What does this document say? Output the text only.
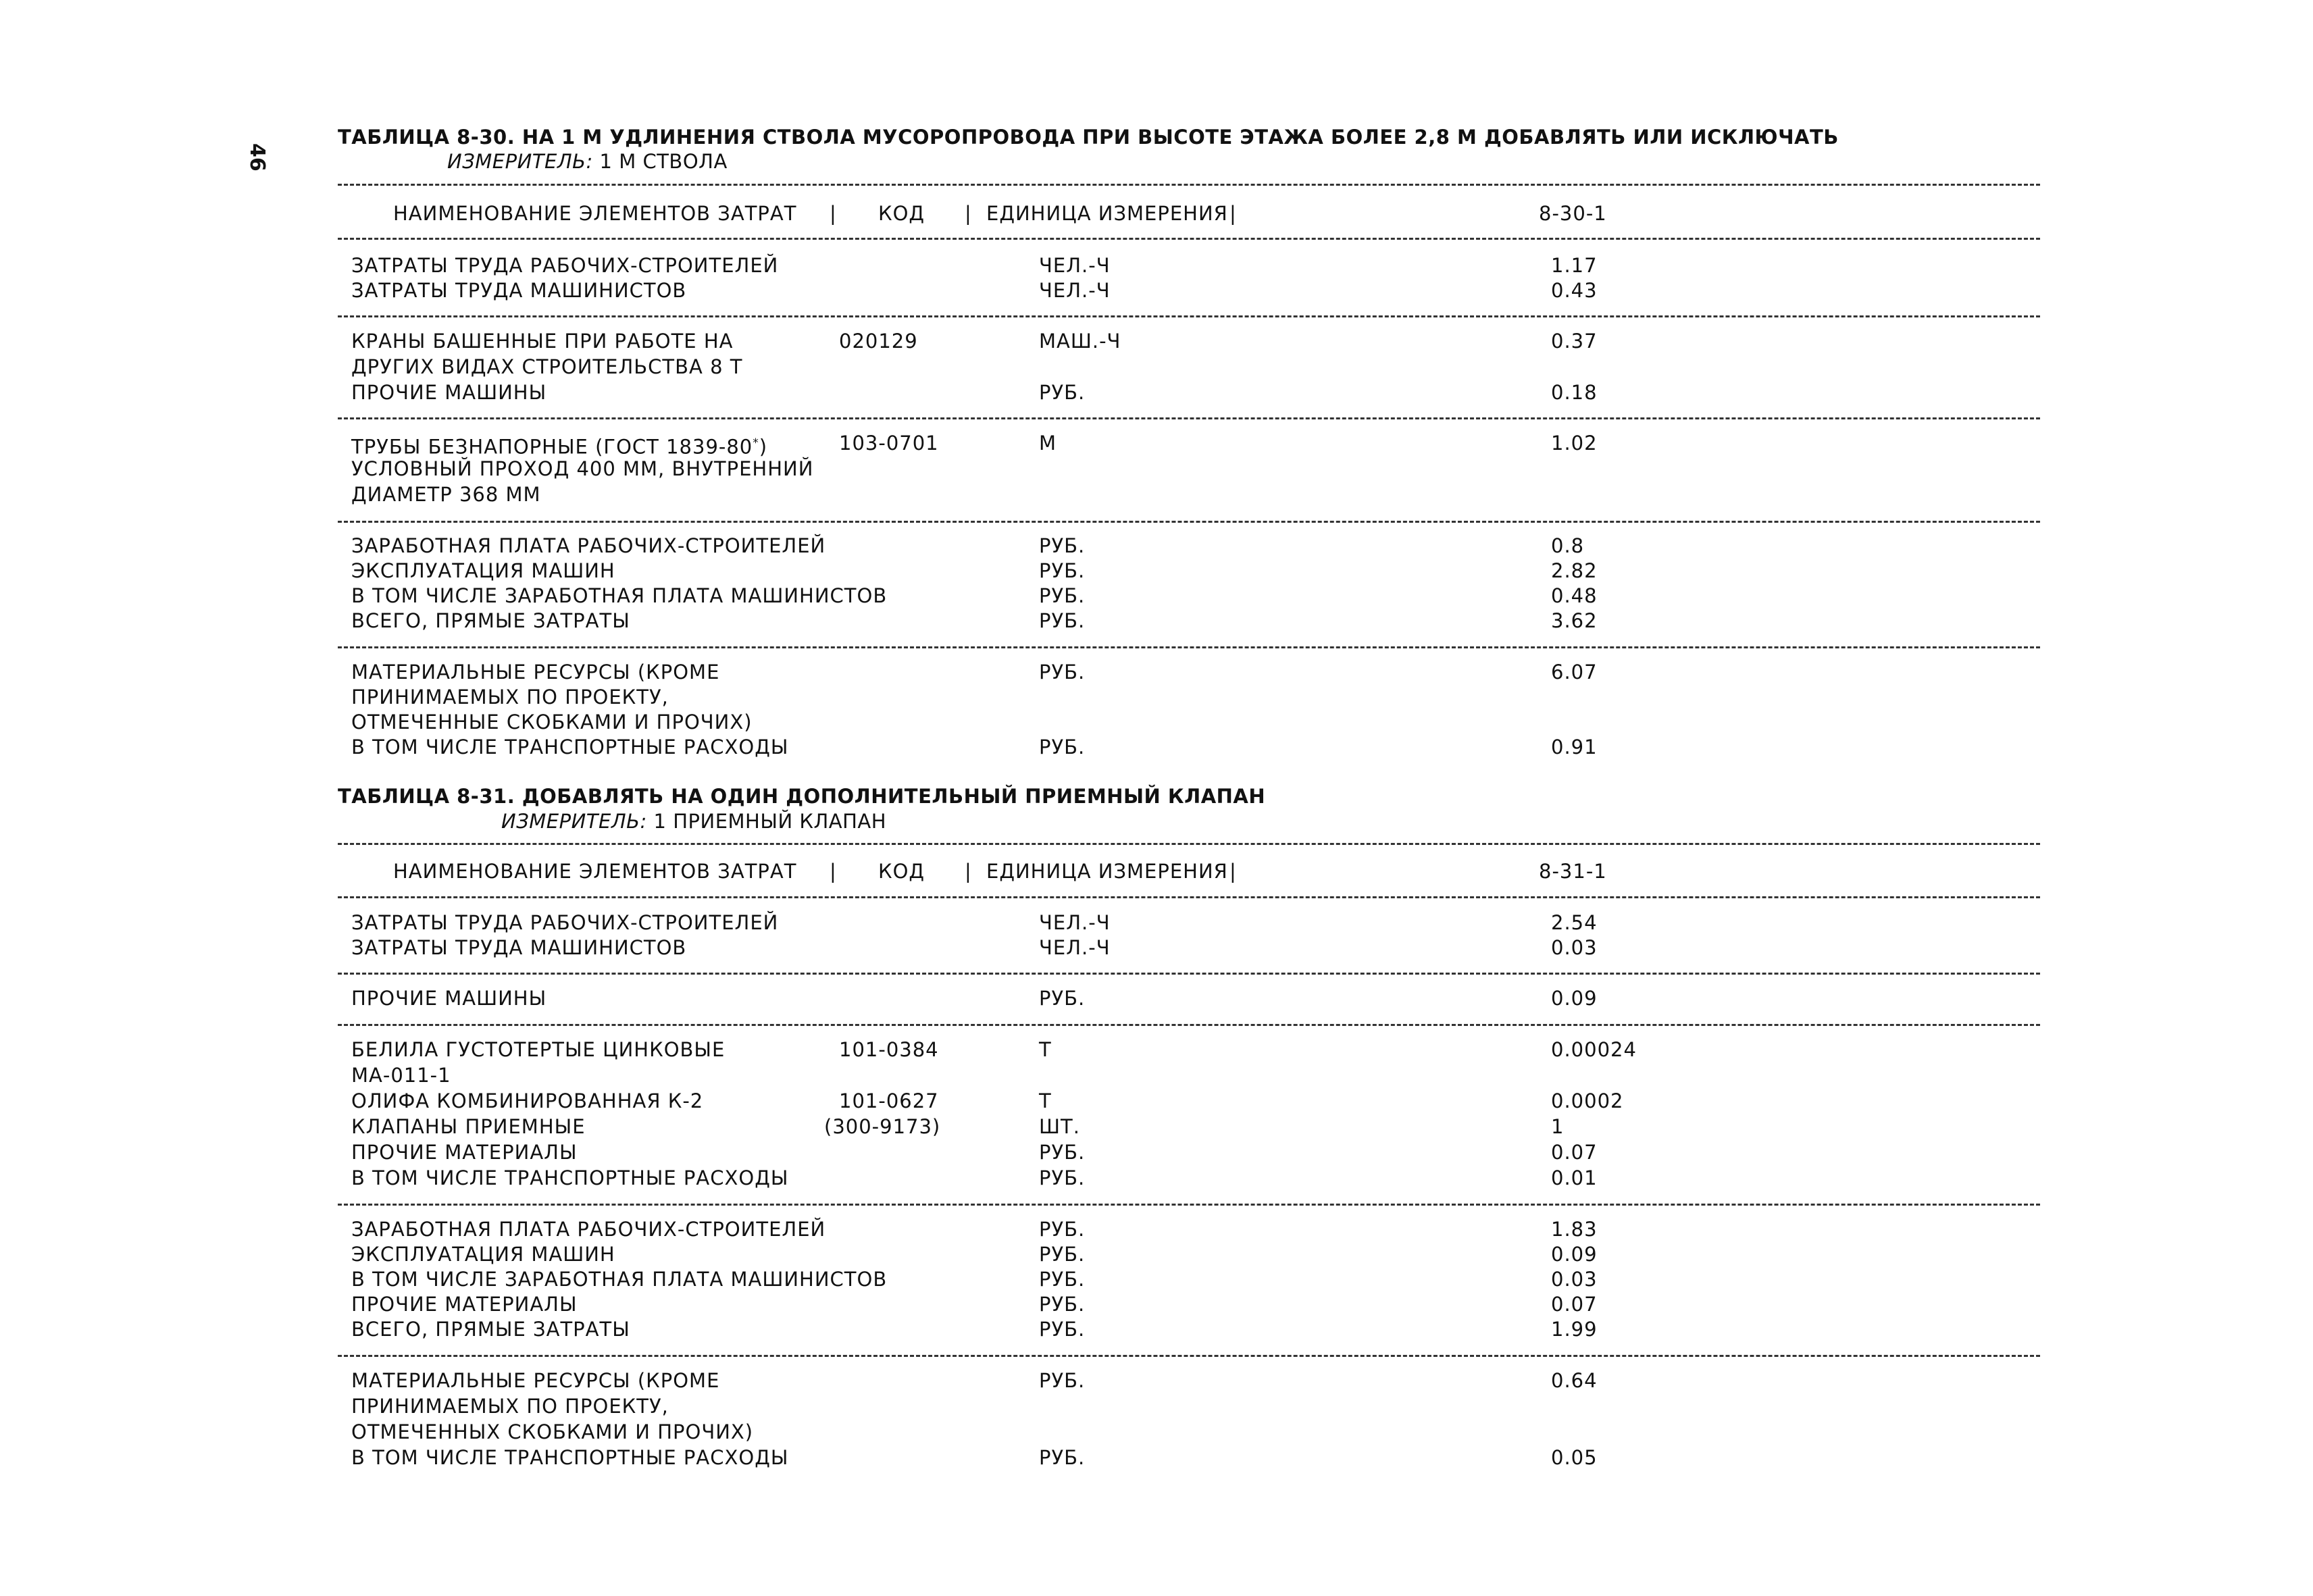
46
ТАБЛИЦА 8-30. НА 1 М УДЛИНЕНИЯ СТВОЛА МУСОРОПРОВОДА ПРИ ВЫСОТЕ ЭТАЖА БОЛЕЕ 2,8 М ДОБАВЛЯТЬ ИЛИ ИСКЛЮЧАТЬ
ИЗМЕРИТЕЛЬ: 1 М СТВОЛА
НАИМЕНОВАНИЕ ЭЛЕМЕНТОВ ЗАТРАТ | КОД | ЕДИНИЦА ИЗМЕРЕНИЯ |	8-30-1
ЗАТРАТЫ ТРУДА РАБОЧИХ-СТРОИТЕЛЕЙ	ЧЕЛ.-Ч	1.17
ЗАТРАТЫ ТРУДА МАШИНИСТОВ	ЧЕЛ.-Ч	0.43
КРАНЫ БАШЕННЫЕ ПРИ РАБОТЕ НА	020129	МАШ.-Ч	0.37
ДРУГИХ ВИДАХ СТРОИТЕЛЬСТВА 8 Т
ПРОЧИЕ МАШИНЫ	РУБ.	0.18
ТРУБЫ БЕЗНАПОРНЫЕ (ГОСТ 1839-80*)	103-0701	М	1.02
УСЛОВНЫЙ ПРОХОД 400 ММ, ВНУТРЕННИЙ
ДИАМЕТР 368 ММ
ЗАРАБОТНАЯ ПЛАТА РАБОЧИХ-СТРОИТЕЛЕЙ	РУБ.	0.8
ЭКСПЛУАТАЦИЯ МАШИН	РУБ.	2.82
В ТОМ ЧИСЛЕ ЗАРАБОТНАЯ ПЛАТА МАШИНИСТОВ	РУБ.	0.48
ВСЕГО, ПРЯМЫЕ ЗАТРАТЫ	РУБ.	3.62
МАТЕРИАЛЬНЫЕ РЕСУРСЫ (КРОМЕ	РУБ.	6.07
ПРИНИМАЕМЫХ ПО ПРОЕКТУ,
ОТМЕЧЕННЫЕ СКОБКАМИ И ПРОЧИХ)
В ТОМ ЧИСЛЕ ТРАНСПОРТНЫЕ РАСХОДЫ	РУБ.	0.91
ТАБЛИЦА 8-31. ДОБАВЛЯТЬ НА ОДИН ДОПОЛНИТЕЛЬНЫЙ ПРИЕМНЫЙ КЛАПАН
ИЗМЕРИТЕЛЬ: 1 ПРИЕМНЫЙ КЛАПАН
НАИМЕНОВАНИЕ ЭЛЕМЕНТОВ ЗАТРАТ | КОД | ЕДИНИЦА ИЗМЕРЕНИЯ |	8-31-1
ЗАТРАТЫ ТРУДА РАБОЧИХ-СТРОИТЕЛЕЙ	ЧЕЛ.-Ч	2.54
ЗАТРАТЫ ТРУДА МАШИНИСТОВ	ЧЕЛ.-Ч	0.03
ПРОЧИЕ МАШИНЫ	РУБ.	0.09
БЕЛИЛА ГУСТОТЕРТЫЕ ЦИНКОВЫЕ	101-0384	Т	0.00024
МА-011-1
ОЛИФА КОМБИНИРОВАННАЯ К-2	101-0627	Т	0.0002
КЛАПАНЫ ПРИЕМНЫЕ	(300-9173)	ШТ.	1
ПРОЧИЕ МАТЕРИАЛЫ	РУБ.	0.07
В ТОМ ЧИСЛЕ ТРАНСПОРТНЫЕ РАСХОДЫ	РУБ.	0.01
ЗАРАБОТНАЯ ПЛАТА РАБОЧИХ-СТРОИТЕЛЕЙ	РУБ.	1.83
ЭКСПЛУАТАЦИЯ МАШИН	РУБ.	0.09
В ТОМ ЧИСЛЕ ЗАРАБОТНАЯ ПЛАТА МАШИНИСТОВ	РУБ.	0.03
ПРОЧИЕ МАТЕРИАЛЫ	РУБ.	0.07
ВСЕГО, ПРЯМЫЕ ЗАТРАТЫ	РУБ.	1.99
МАТЕРИАЛЬНЫЕ РЕСУРСЫ (КРОМЕ	РУБ.	0.64
ПРИНИМАЕМЫХ ПО ПРОЕКТУ,
ОТМЕЧЕННЫХ СКОБКАМИ И ПРОЧИХ)
В ТОМ ЧИСЛЕ ТРАНСПОРТНЫЕ РАСХОДЫ	РУБ.	0.05
